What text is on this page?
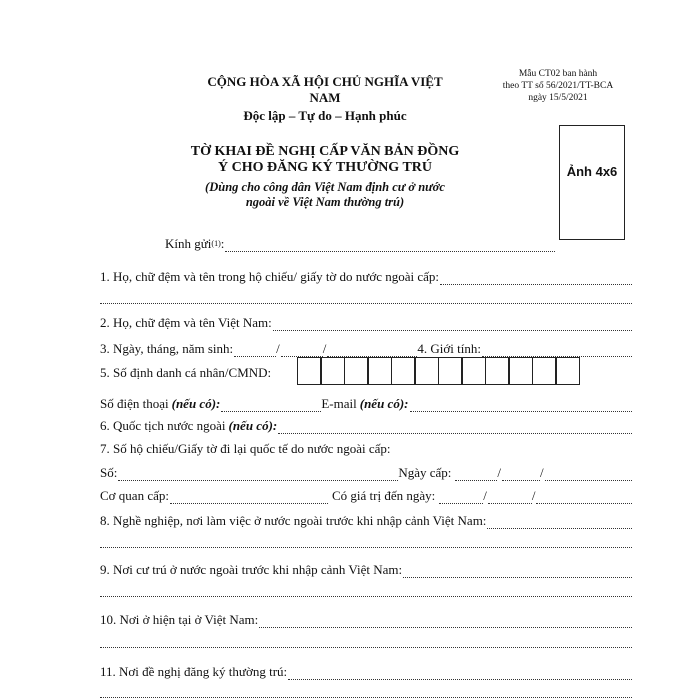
CỘNG HÒA XÃ HỘI CHỦ NGHĨA VIỆT NAM
Độc lập – Tự do – Hạnh phúc
Mẫu CT02 ban hành
theo TT số 56/2021/TT-BCA
ngày 15/5/2021
TỜ KHAI ĐỀ NGHỊ CẤP VĂN BẢN ĐỒNG Ý CHO ĐĂNG KÝ THƯỜNG TRÚ
(Dùng cho công dân Việt Nam định cư ở nước ngoài về Việt Nam thường trú)
Ảnh 4x6
Kính gửi (1) :
1. Họ, chữ đệm và tên trong hộ chiếu/ giấy tờ do nước ngoài cấp:
2. Họ, chữ đệm và tên Việt Nam:
3. Ngày, tháng, năm sinh:	/	/	4. Giới tính:
5. Số định danh cá nhân/CMND:
Số điện thoại (nếu có):	E-mail (nếu có):
6. Quốc tịch nước ngoài (nếu có):
7. Số hộ chiếu/Giấy tờ đi lại quốc tế do nước ngoài cấp:
Số:	Ngày cấp:	/	/
Cơ quan cấp:	Có giá trị đến ngày:	/	/
8. Nghề nghiệp, nơi làm việc ở nước ngoài trước khi nhập cảnh Việt Nam:
9. Nơi cư trú ở nước ngoài trước khi nhập cảnh Việt Nam:
10. Nơi ở hiện tại ở Việt Nam:
11. Nơi đề nghị đăng ký thường trú:
